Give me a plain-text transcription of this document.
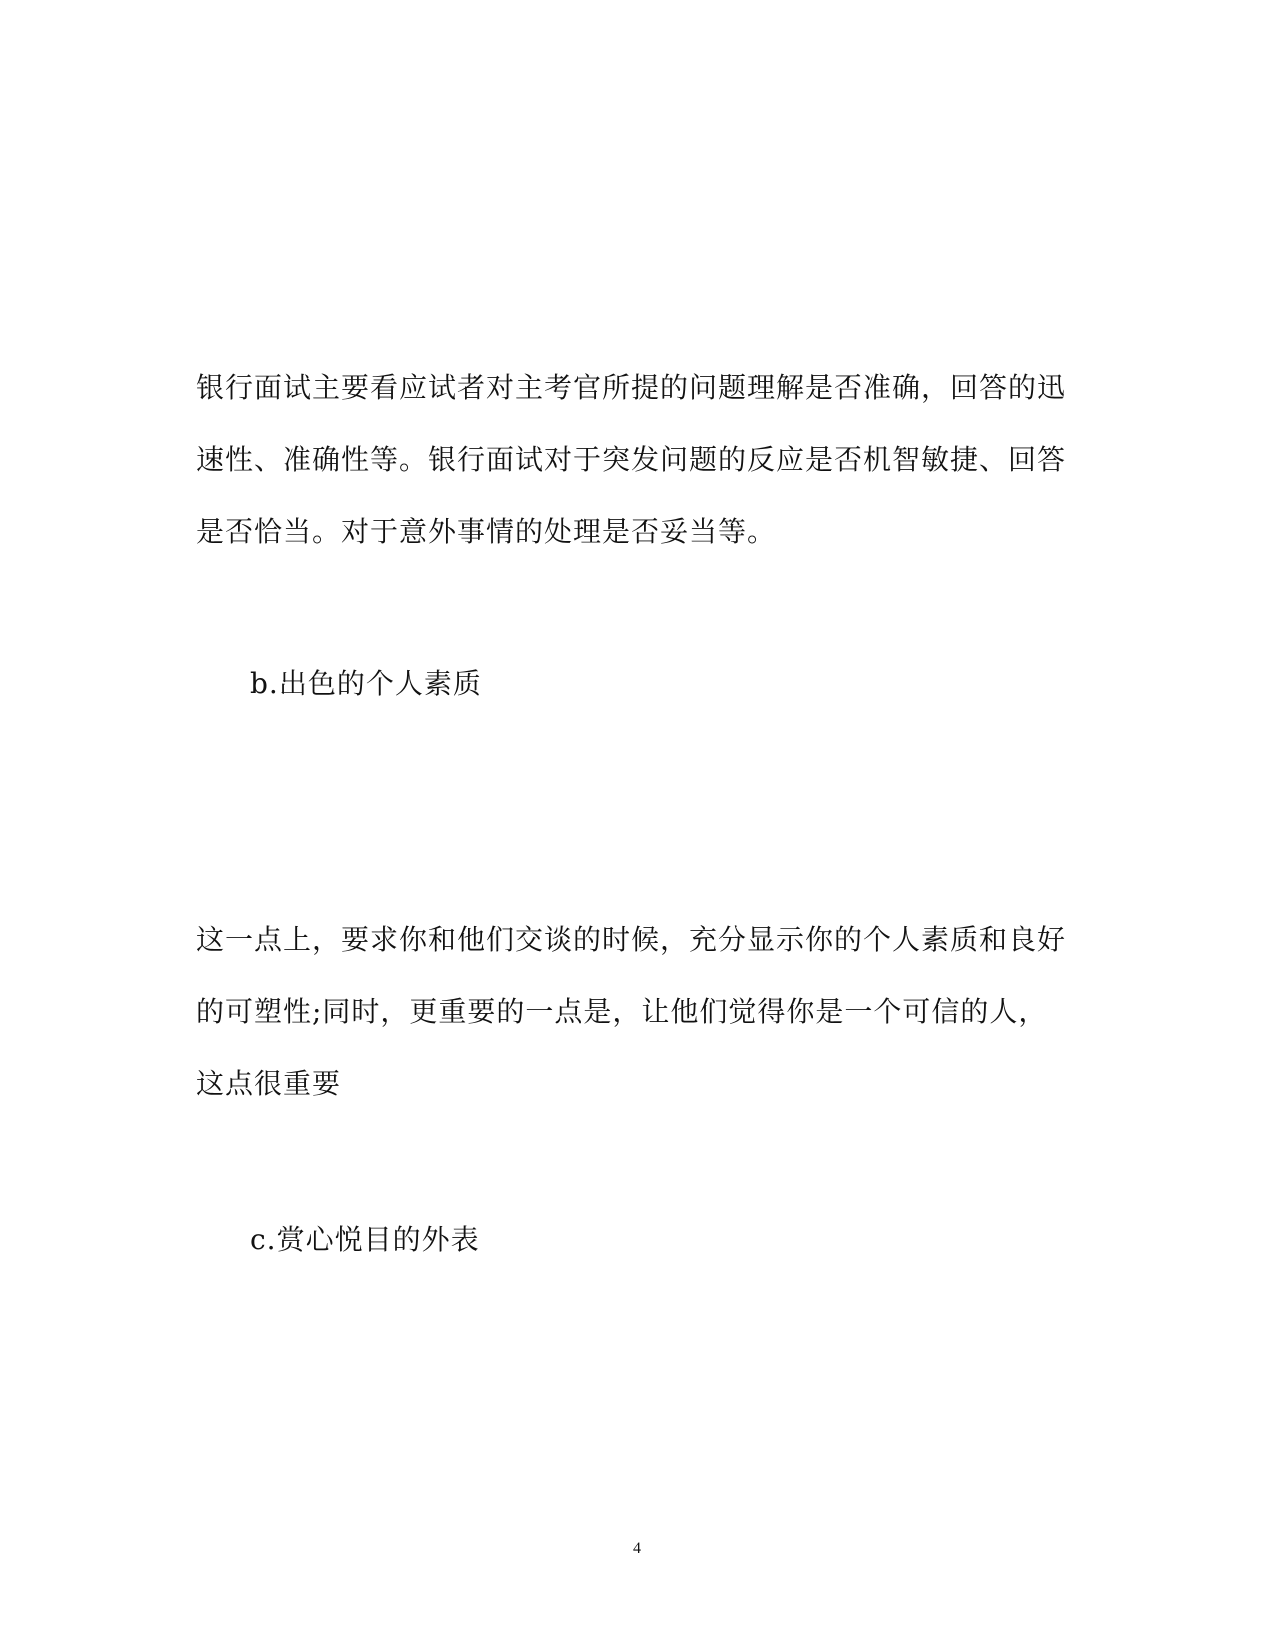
银行面试主要看应试者对主考官所提的问题理解是否准确，回答的迅
速性、准确性等。银行面试对于突发问题的反应是否机智敏捷、回答
是否恰当。对于意外事情的处理是否妥当等。

b.出色的个人素质

这一点上，要求你和他们交谈的时候，充分显示你的个人素质和良好
的可塑性;同时，更重要的一点是，让他们觉得你是一个可信的人，
这点很重要

c.赏心悦目的外表

4
